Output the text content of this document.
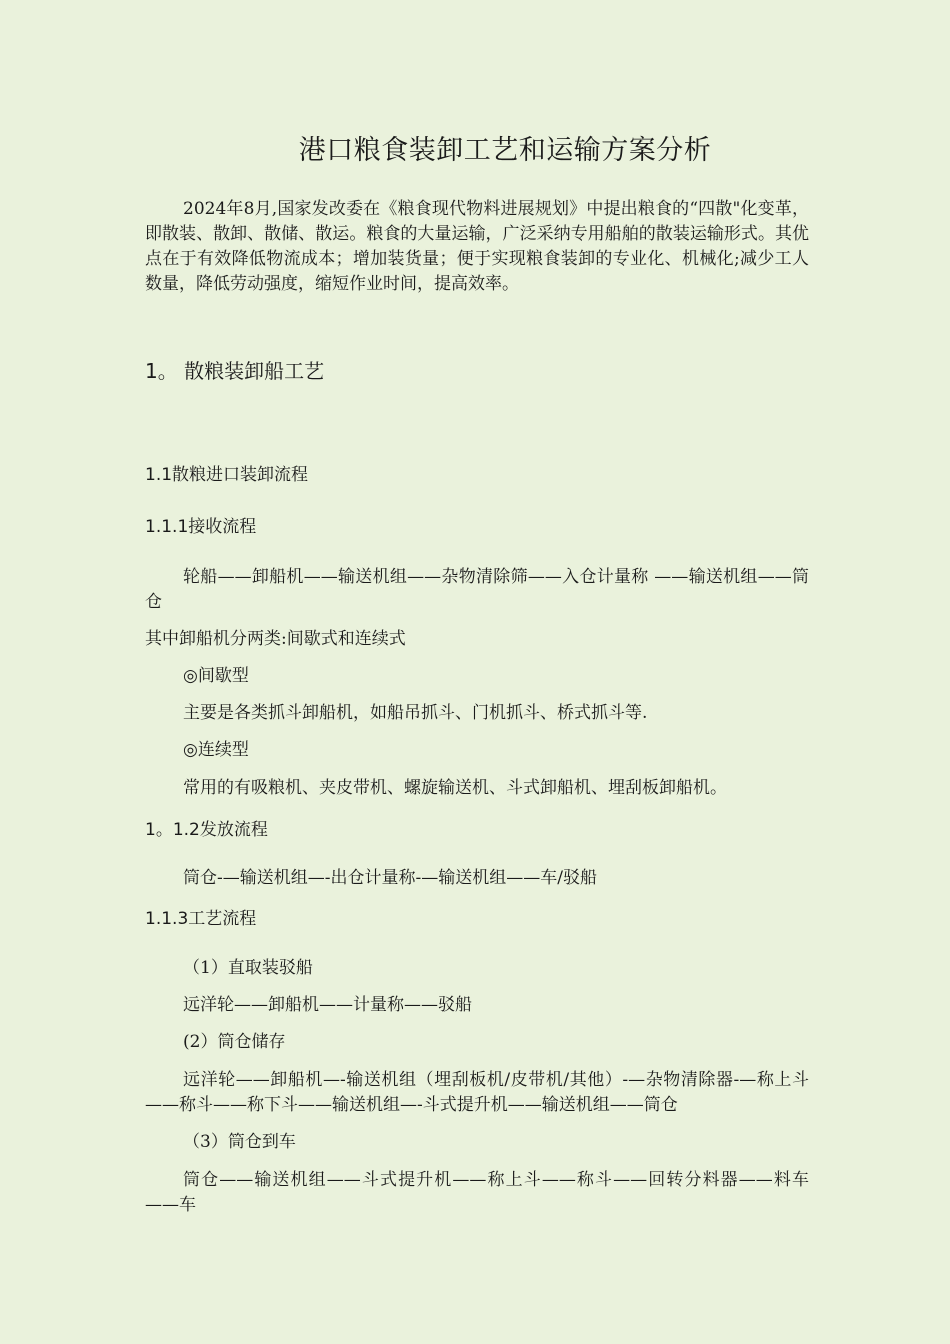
港口粮食装卸工艺和运输方案分析
2024年8月,国家发改委在《粮食现代物料进展规划》中提出粮食的“四散"化变革，即散装、散卸、散储、散运。粮食的大量运输，广泛采纳专用船舶的散装运输形式。其优点在于有效降低物流成本；增加装货量；便于实现粮食装卸的专业化、机械化;减少工人数量，降低劳动强度，缩短作业时间，提高效率。
1。 散粮装卸船工艺
1.1散粮进口装卸流程
1.1.1接收流程
轮船——卸船机——输送机组——杂物清除筛——入仓计量称 ——输送机组——筒仓
其中卸船机分两类:间歇式和连续式
◎间歇型
主要是各类抓斗卸船机，如船吊抓斗、门机抓斗、桥式抓斗等.
◎连续型
常用的有吸粮机、夹皮带机、螺旋输送机、斗式卸船机、埋刮板卸船机。
1。1.2发放流程
筒仓-—输送机组—-出仓计量称-—输送机组——车/驳船
1.1.3工艺流程
（1）直取装驳船
远洋轮——卸船机——计量称——驳船
(2）筒仓储存
远洋轮——卸船机—-输送机组（埋刮板机/皮带机/其他）-—杂物清除器-—称上斗——称斗——称下斗——输送机组—-斗式提升机——输送机组——筒仓
（3）筒仓到车
筒仓——输送机组——斗式提升机——称上斗——称斗——回转分料器——料车——车
